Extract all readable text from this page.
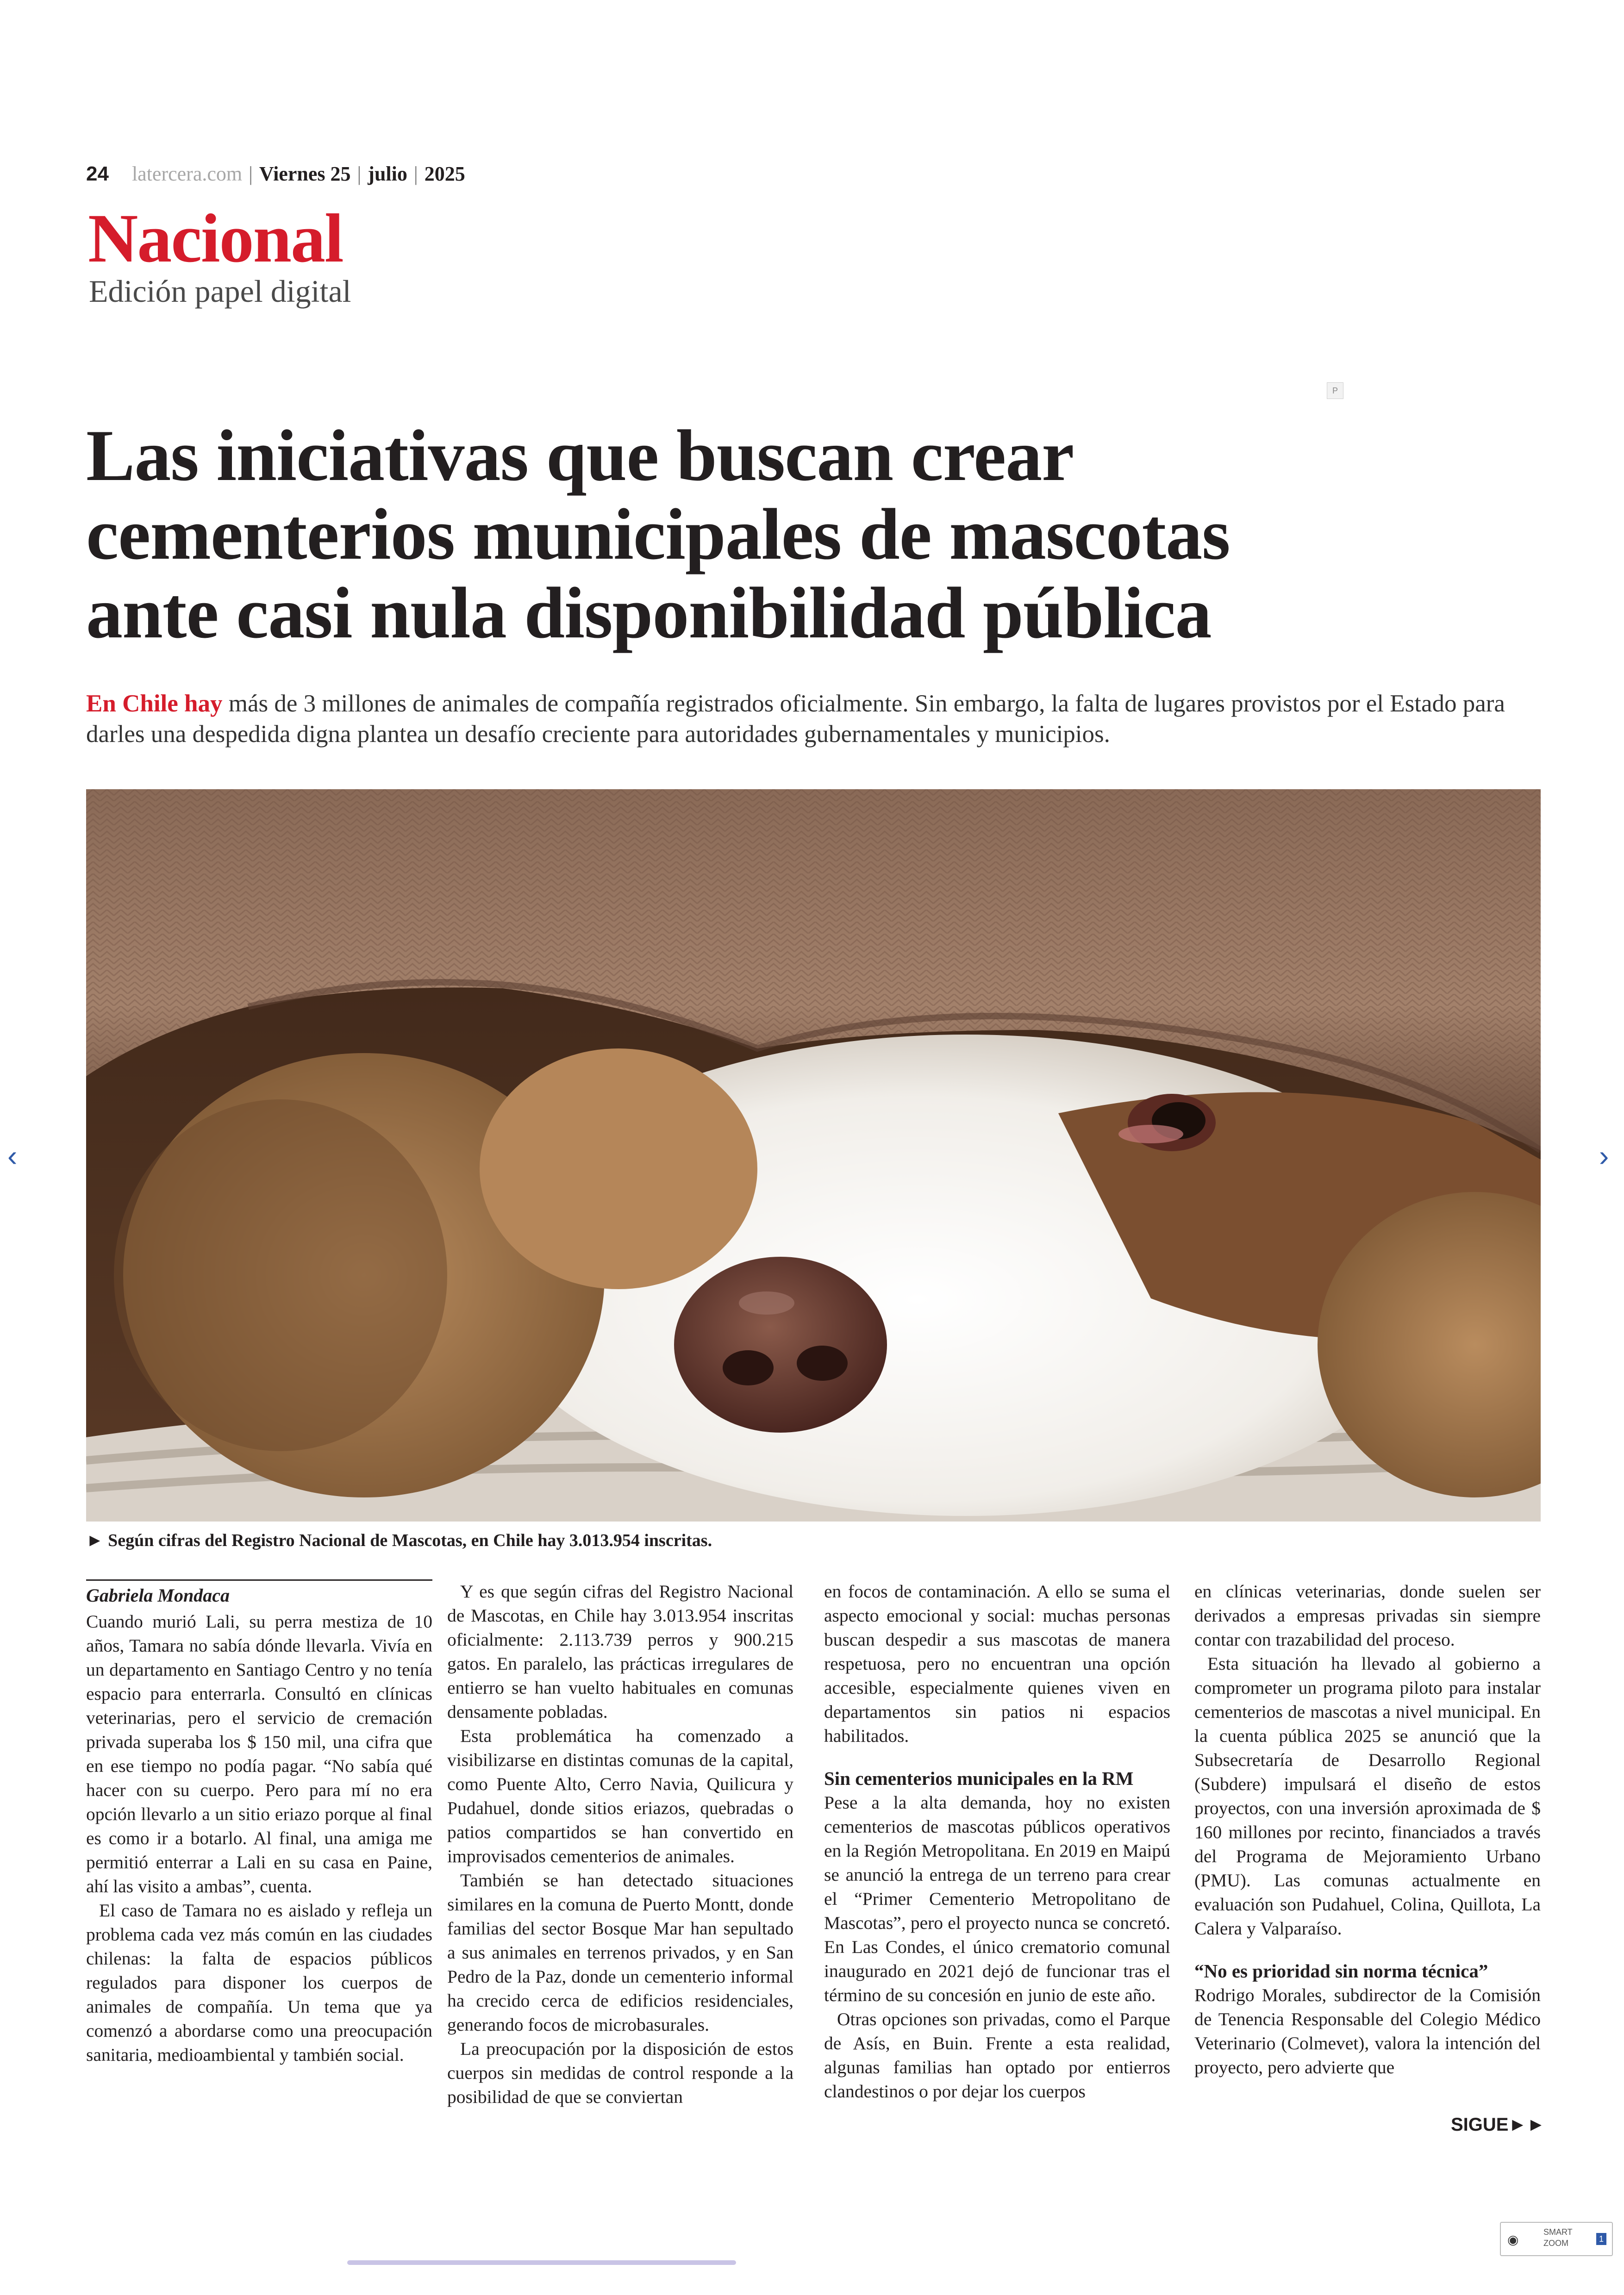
24 latercera.com | Viernes 25 | julio | 2025
Nacional
Edición papel digital
P
Las iniciativas que buscan crear
cementerios municipales de mascotas
ante casi nula disponibilidad pública
En Chile hay más de 3 millones de animales de compañía registrados oficialmente. Sin embargo, la falta de lugares provistos por el Estado para darles una despedida digna plantea un desafío creciente para autoridades gubernamentales y municipios.
► Según cifras del Registro Nacional de Mascotas, en Chile hay 3.013.954 inscritas.
Gabriela Mondaca

Cuando murió Lali, su perra mestiza de 10 años, Tamara no sabía dónde llevarla. Vivía en un departamento en Santiago Centro y no tenía espacio para enterrarla. Consultó en clínicas veterinarias, pero el servicio de cremación privada superaba los $ 150 mil, una cifra que en ese tiempo no podía pagar. “No sabía qué hacer con su cuerpo. Pero para mí no era opción llevarlo a un sitio eriazo porque al final es como ir a botarlo. Al final, una amiga me permitió enterrar a Lali en su casa en Paine, ahí las visito a ambas”, cuenta.

El caso de Tamara no es aislado y refleja un problema cada vez más común en las ciudades chilenas: la falta de espacios públicos regulados para disponer los cuerpos de animales de compañía. Un tema que ya comenzó a abordarse como una preocupación sanitaria, medioambiental y también social.

Y es que según cifras del Registro Nacional de Mascotas, en Chile hay 3.013.954 inscritas oficialmente: 2.113.739 perros y 900.215 gatos. En paralelo, las prácticas irregulares de entierro se han vuelto habituales en comunas densamente pobladas.

Esta problemática ha comenzado a visibilizarse en distintas comunas de la capital, como Puente Alto, Cerro Navia, Quilicura y Pudahuel, donde sitios eriazos, quebradas o patios compartidos se han convertido en improvisados cementerios de animales.

También se han detectado situaciones similares en la comuna de Puerto Montt, donde familias del sector Bosque Mar han sepultado a sus animales en terrenos privados, y en San Pedro de la Paz, donde un cementerio informal ha crecido cerca de edificios residenciales, generando focos de microbasurales.

La preocupación por la disposición de estos cuerpos sin medidas de control responde a la posibilidad de que se conviertan

en focos de contaminación. A ello se suma el aspecto emocional y social: muchas personas buscan despedir a sus mascotas de manera respetuosa, pero no encuentran una opción accesible, especialmente quienes viven en departamentos sin patios ni espacios habilitados.

Sin cementerios municipales en la RM

Pese a la alta demanda, hoy no existen cementerios de mascotas públicos operativos en la Región Metropolitana. En 2019 en Maipú se anunció la entrega de un terreno para crear el “Primer Cementerio Metropolitano de Mascotas”, pero el proyecto nunca se concretó. En Las Condes, el único crematorio comunal inaugurado en 2021 dejó de funcionar tras el término de su concesión en junio de este año.

Otras opciones son privadas, como el Parque de Asís, en Buin. Frente a esta realidad, algunas familias han optado por entierros clandestinos o por dejar los cuerpos

en clínicas veterinarias, donde suelen ser derivados a empresas privadas sin siempre contar con trazabilidad del proceso.

Esta situación ha llevado al gobierno a comprometer un programa piloto para instalar cementerios de mascotas a nivel municipal. En la cuenta pública 2025 se anunció que la Subsecretaría de Desarrollo Regional (Subdere) impulsará el diseño de estos proyectos, con una inversión aproximada de $ 160 millones por recinto, financiados a través del Programa de Mejoramiento Urbano (PMU). Las comunas actualmente en evaluación son Pudahuel, Colina, Quillota, La Calera y Valparaíso.

“No es prioridad sin norma técnica”

Rodrigo Morales, subdirector de la Comisión de Tenencia Responsable del Colegio Médico Veterinario (Colmevet), valora la intención del proyecto, pero advierte que

SIGUE►►
‹	›
◉
SMART
ZOOM	1
